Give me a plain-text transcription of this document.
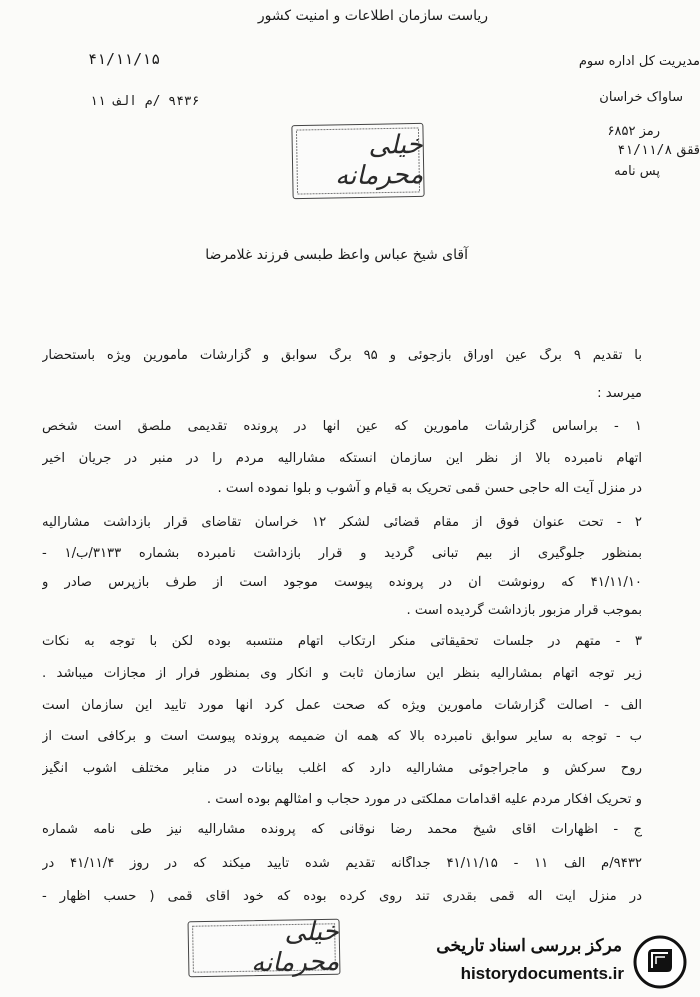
ریاست سازمان اطلاعات و امنیت کشور
مدیریت کل اداره سوم
ساواک خراسان
رمز ۶۸۵۲
ققق ۴۱/۱۱/۸
پس نامه
۴۱/۱۱/۱۵
۹۴۳۶ /م الف ۱۱
خیلی محرمانه
آقای شیخ عباس واعظ طبسی فرزند غلامرضا
با تقدیم ۹ برگ عین اوراق بازجوئی و ۹۵ برگ سوابق و گزارشات مأمورین ویژه باستحضار
میرسد :
۱ - براساس گزارشات مأمورین که عین آنها در پرونده تقدیمی ملصق است شخص
اتهام نامبرده بالا از نظر این سازمان آنستکه مشارالیه مردم را در منبر در جریان اخیر
در منزل آیت اله حاجی حسن قمی تحریک به قیام و آشوب و بلوا نموده است .
۲ - تحت عنوان فوق از مقام قضائی لشکر ۱۲ خراسان تقاضای قرار بازداشت مشارالیه
بمنظور جلوگیری از بیم تبانی گردید و قرار بازداشت نامبرده بشماره ۳۱۳۳/ب/۱ -
۴۱/۱۱/۱۰ که رونوشت آن در پرونده پیوست موجود است از طرف بازپرس صادر و
بموجب قرار مزبور بازداشت گردیده است .
۳ - متهم در جلسات تحقیقاتی منکر ارتکاب اتهام منتسبه بوده لکن با توجه به نکات
زیر توجه اتهام بمشارالیه بنظر این سازمان ثابت و انکار وی بمنظور فرار از مجازات میباشد .
الف - اصالت گزارشات مأمورین ویژه که صحت عمل کرد آنها مورد تأیید این سازمان است
ب - توجه به سایر سوابق نامبرده بالا که همه آن ضمیمه پرونده پیوست است و برکافی است از
روح سرکش و ماجراجوئی مشارالیه دارد که اغلب بیانات در منابر مختلف آشوب انگیز
و تحریک افکار مردم علیه اقدامات مملکتی در مورد حجاب و امثالهم بوده است .
ج - اظهارات آقای شیخ محمد رضا نوقانی که پرونده مشارالیه نیز طی نامه شماره
۹۴۳۲/م الف ۱۱ - ۴۱/۱۱/۱۵ جداگانه تقدیم شده تأیید میکند که در روز ۴۱/۱۱/۴ در
در منزل آیت اله قمی بقدری تند روی کرده بوده که خود آقای قمی ( حسب اظهار -
خیلی محرمانه
مرکز بررسی اسناد تاریخی
historydocuments.ir
